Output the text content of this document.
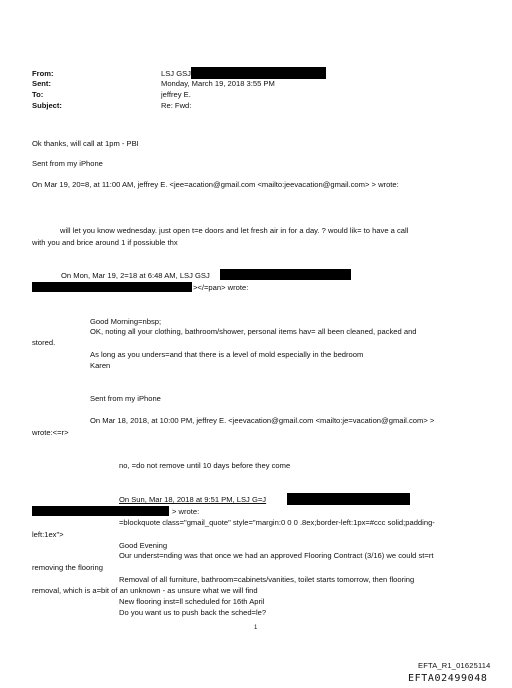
From:	LSJ GSJ
Sent:	Monday, March 19, 2018 3:55 PM
To:	jeffrey E.
Subject:	Re: Fwd:
Ok thanks, will call at 1pm - PBI
Sent from my iPhone
On Mar 19, 20=8, at 11:00 AM, jeffrey E. <jee=acation@gmail.com <mailto:jeevacation@gmail.com> > wrote:
will let you know wednesday. just open t=e doors and let fresh air in for a day. ? would lik= to have a call
with you and brice around 1 if possiuble thx
On Mon, Mar 19, 2=18 at 6:48 AM, LSJ GSJ
></=pan> wrote:
Good Morning=nbsp;
OK, noting all your clothing, bathroom/shower, personal items hav= all been cleaned, packed and
stored.
As long as you unders=and that there is a level of mold especially in the bedroom
Karen
Sent from my iPhone
On Mar 18, 2018, at 10:00 PM, jeffrey E. <jeevacation@gmail.com <mailto:je=vacation@gmail.com> >
wrote:<=r>
no, =do not remove until 10 days before they come
On Sun, Mar 18, 2018 at 9:51 PM, LSJ G=J
> wrote:
=blockquote class="gmail_quote" style="margin:0 0 0 .8ex;border-left:1px=#ccc solid;padding-
left:1ex">
Good Evening
Our underst=nding was that once we had an approved Flooring Contract (3/16) we could st=rt
removing the flooring
Removal of all furniture, bathroom=cabinets/vanities, toilet starts tomorrow, then flooring
removal, which is a=bit of an unknown - as unsure what we will find
New flooring inst=ll scheduled for 16th April
Do you want us to push back the sched=le?
1
EFTA_R1_01625114
EFTA02499048
